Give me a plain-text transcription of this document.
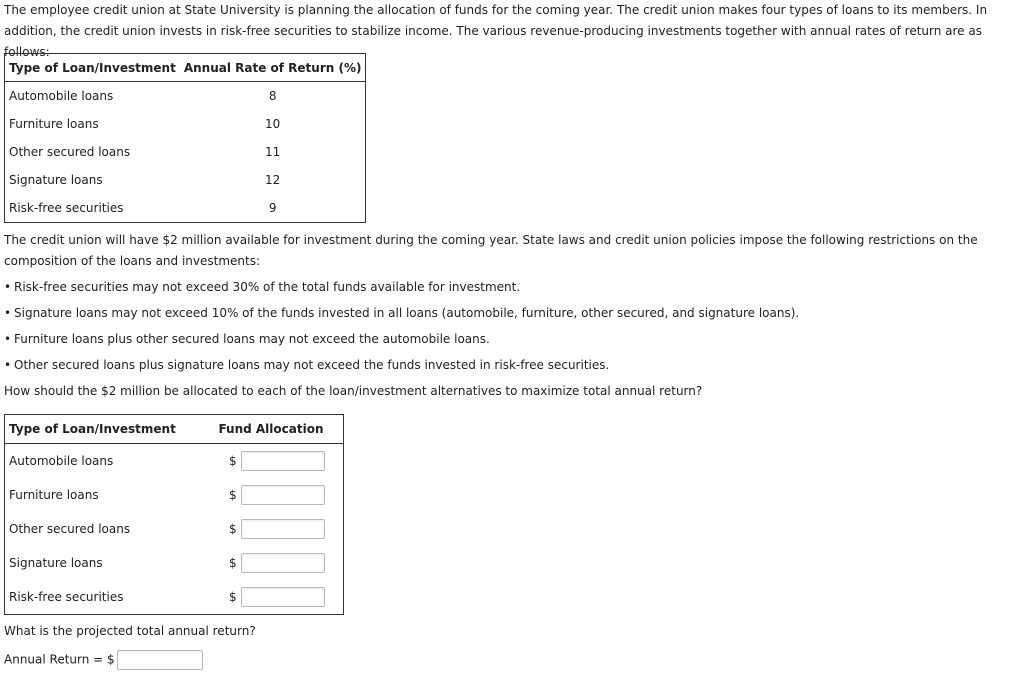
The employee credit union at State University is planning the allocation of funds for the coming year. The credit union makes four types of loans to its members. In addition, the credit union invests in risk-free securities to stabilize income. The various revenue-producing investments together with annual rates of return are as follows:

Type of Loan/Investment	Annual Rate of Return (%)
Automobile loans	8
Furniture loans	10
Other secured loans	11
Signature loans	12
Risk-free securities	9

The credit union will have $2 million available for investment during the coming year. State laws and credit union policies impose the following restrictions on the composition of the loans and investments:

• Risk-free securities may not exceed 30% of the total funds available for investment.
• Signature loans may not exceed 10% of the funds invested in all loans (automobile, furniture, other secured, and signature loans).
• Furniture loans plus other secured loans may not exceed the automobile loans.
• Other secured loans plus signature loans may not exceed the funds invested in risk-free securities.
How should the $2 million be allocated to each of the loan/investment alternatives to maximize total annual return?
Type of Loan/Investment	Fund Allocation
Automobile loans	$
Furniture loans	$
Other secured loans	$
Signature loans	$
Risk-free securities	$
What is the projected total annual return?
Annual Return = $
